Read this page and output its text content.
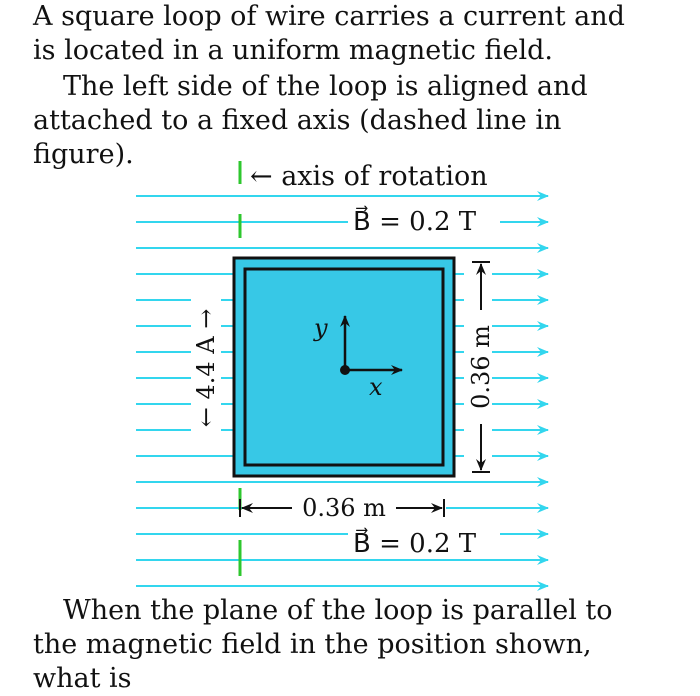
A square loop of wire carries a current and is located in a uniform magnetic field.

The left side of the loop is aligned and attached to a fixed axis (dashed line in figure).

← axis of rotation
B⃗ = 0.2 T
x
y
← 4.4 A →	0.36 m
0.36 m
B⃗ = 0.2 T

When the plane of the loop is parallel to the magnetic field in the position shown, what is
